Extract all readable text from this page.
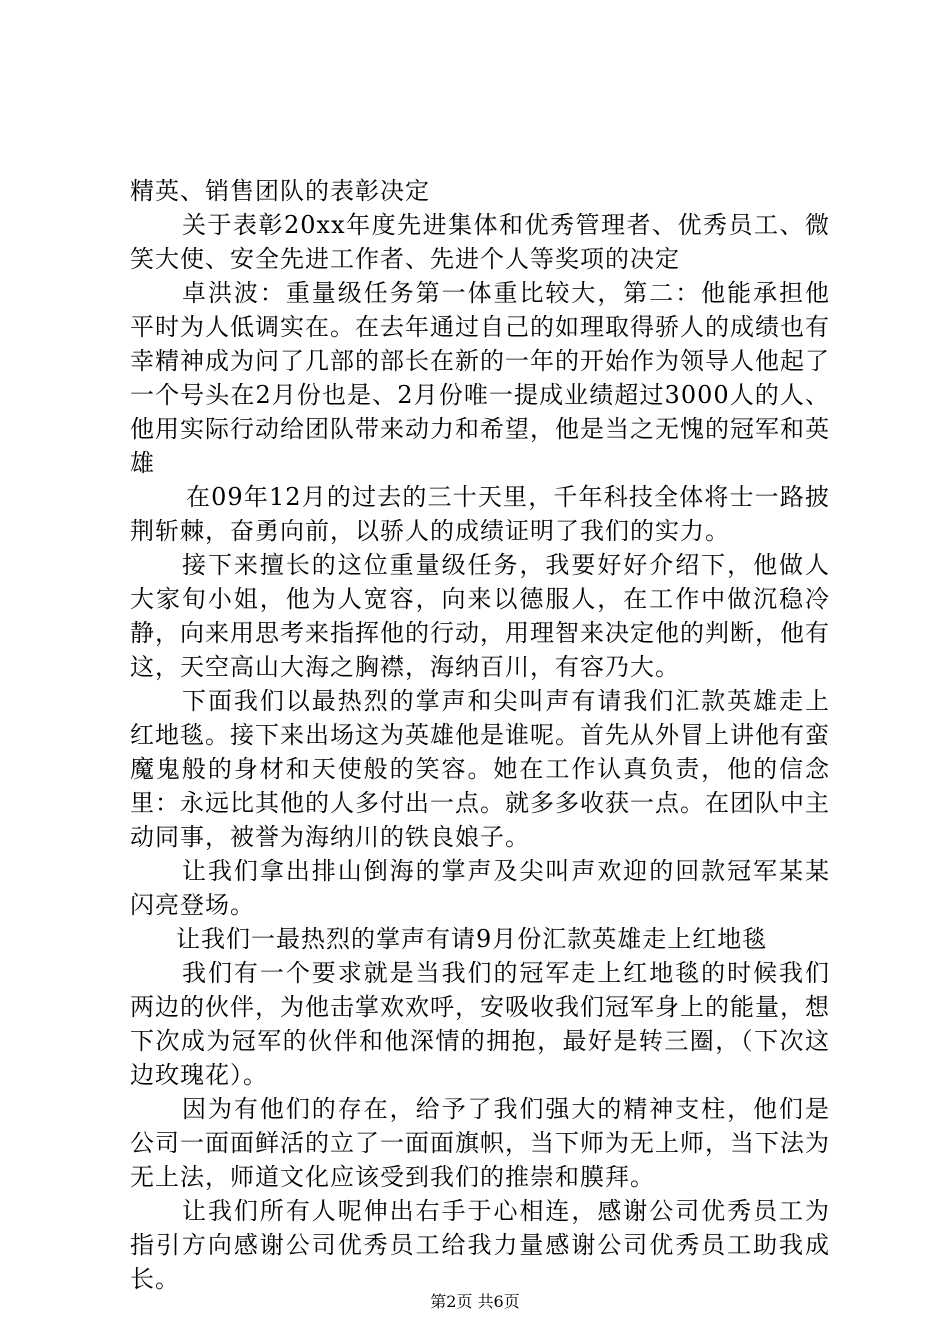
精英、销售团队的表彰决定

关于表彰20xx年度先进集体和优秀管理者、优秀员工、微笑大使、安全先进工作者、先进个人等奖项的决定

卓洪波：重量级任务第一体重比较大，第二：他能承担他平时为人低调实在。在去年通过自己的如理取得骄人的成绩也有幸精神成为问了几部的部长在新的一年的开始作为领导人他起了一个号头在2月份也是、2月份唯一提成业绩超过3000人的人、他用实际行动给团队带来动力和希望，他是当之无愧的冠军和英雄

在09年12月的过去的三十天里，千年科技全体将士一路披荆斩棘，奋勇向前，以骄人的成绩证明了我们的实力。

接下来擅长的这位重量级任务，我要好好介绍下，他做人大家旬小姐，他为人宽容，向来以德服人，在工作中做沉稳冷静，向来用思考来指挥他的行动，用理智来决定他的判断，他有这，天空高山大海之胸襟，海纳百川，有容乃大。

下面我们以最热烈的掌声和尖叫声有请我们汇款英雄走上红地毯。接下来出场这为英雄他是谁呢。首先从外冒上讲他有蛮魔鬼般的身材和天使般的笑容。她在工作认真负责，他的信念里：永远比其他的人多付出一点。就多多收获一点。在团队中主动同事，被誉为海纳川的铁良娘子。

让我们拿出排山倒海的掌声及尖叫声欢迎的回款冠军某某闪亮登场。

让我们一最热烈的掌声有请9月份汇款英雄走上红地毯

我们有一个要求就是当我们的冠军走上红地毯的时候我们两边的伙伴，为他击掌欢欢呼，安吸收我们冠军身上的能量，想下次成为冠军的伙伴和他深情的拥抱，最好是转三圈，（下次这边玫瑰花）。

因为有他们的存在，给予了我们强大的精神支柱，他们是公司一面面鲜活的立了一面面旗帜，当下师为无上师，当下法为无上法，师道文化应该受到我们的推崇和膜拜。

让我们所有人呢伸出右手于心相连，感谢公司优秀员工为指引方向感谢公司优秀员工给我力量感谢公司优秀员工助我成长。

第2页 共6页
